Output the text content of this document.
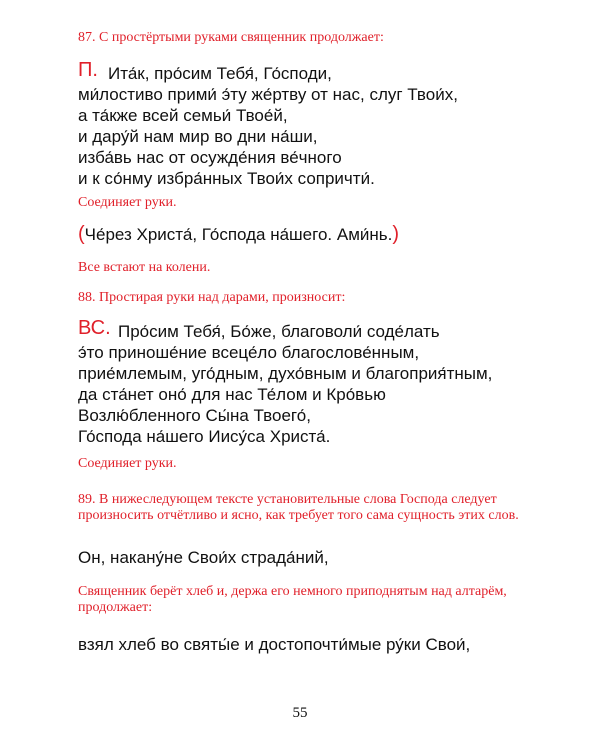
87. С простёртыми руками священник продолжает:
П. Ита́к, про́сим Тебя́, Го́споди,
ми́лостиво прими́ э́ту же́ртву от нас, слуг Твои́х,
а та́кже всей семьи́ Твое́й,
и дару́й нам мир во дни на́ши,
изба́вь нас от осужде́ния ве́чного
и к со́нму избра́нных Твои́х сопричти́.
Соединяет руки.
(Че́рез Христа́, Го́спода на́шего. Ами́нь.)
Все встают на колени.
88. Простирая руки над дарами, произносит:
ВС. Про́сим Тебя́, Бо́же, благоволи́ соде́лать
э́то приноше́ние всеце́ло благослове́нным,
прие́млемым, уго́дным, духо́вным и благоприя́тным,
да ста́нет оно́ для нас Те́лом и Кро́вью
Возлю́бленного Сы́на Твоего́,
Го́спода на́шего Иису́са Христа́.
Соединяет руки.
89. В нижеследующем тексте установительные слова Господа следует произносить отчётливо и ясно, как требует того сама сущность этих слов.
Он, накану́не Свои́х страда́ний,
Священник берёт хлеб и, держа его немного приподнятым над алтарём, продолжает:
взял хлеб во святы́е и достопочти́мые ру́ки Свои́,
55
